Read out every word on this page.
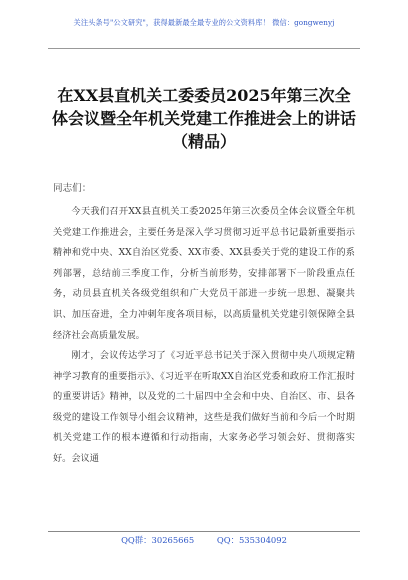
关注头条号"公文研究"，获得最新最全最专业的公文资料库！ 微信：gongwenyj
在XX县直机关工委委员2025年第三次全体会议暨全年机关党建工作推进会上的讲话（精品）
同志们：

今天我们召开XX县直机关工委2025年第三次委员全体会议暨全年机关党建工作推进会，主要任务是深入学习贯彻习近平总书记最新重要指示精神和党中央、XX自治区党委、XX市委、XX县委关于党的建设工作的系列部署，总结前三季度工作，分析当前形势，安排部署下一阶段重点任务，动员县直机关各级党组织和广大党员干部进一步统一思想、凝聚共识、加压奋进，全力冲刺年度各项目标，以高质量机关党建引领保障全县经济社会高质量发展。

刚才，会议传达学习了《习近平总书记关于深入贯彻中央八项规定精神学习教育的重要指示》、《习近平在听取XX自治区党委和政府工作汇报时的重要讲话》精神，以及党的二十届四中全会和中央、自治区、市、县各级党的建设工作领导小组会议精神，这些是我们做好当前和今后一个时期机关党建工作的根本遵循和行动指南，大家务必学习领会好、贯彻落实好。会议通

QQ群：30265665	QQ：535304092
